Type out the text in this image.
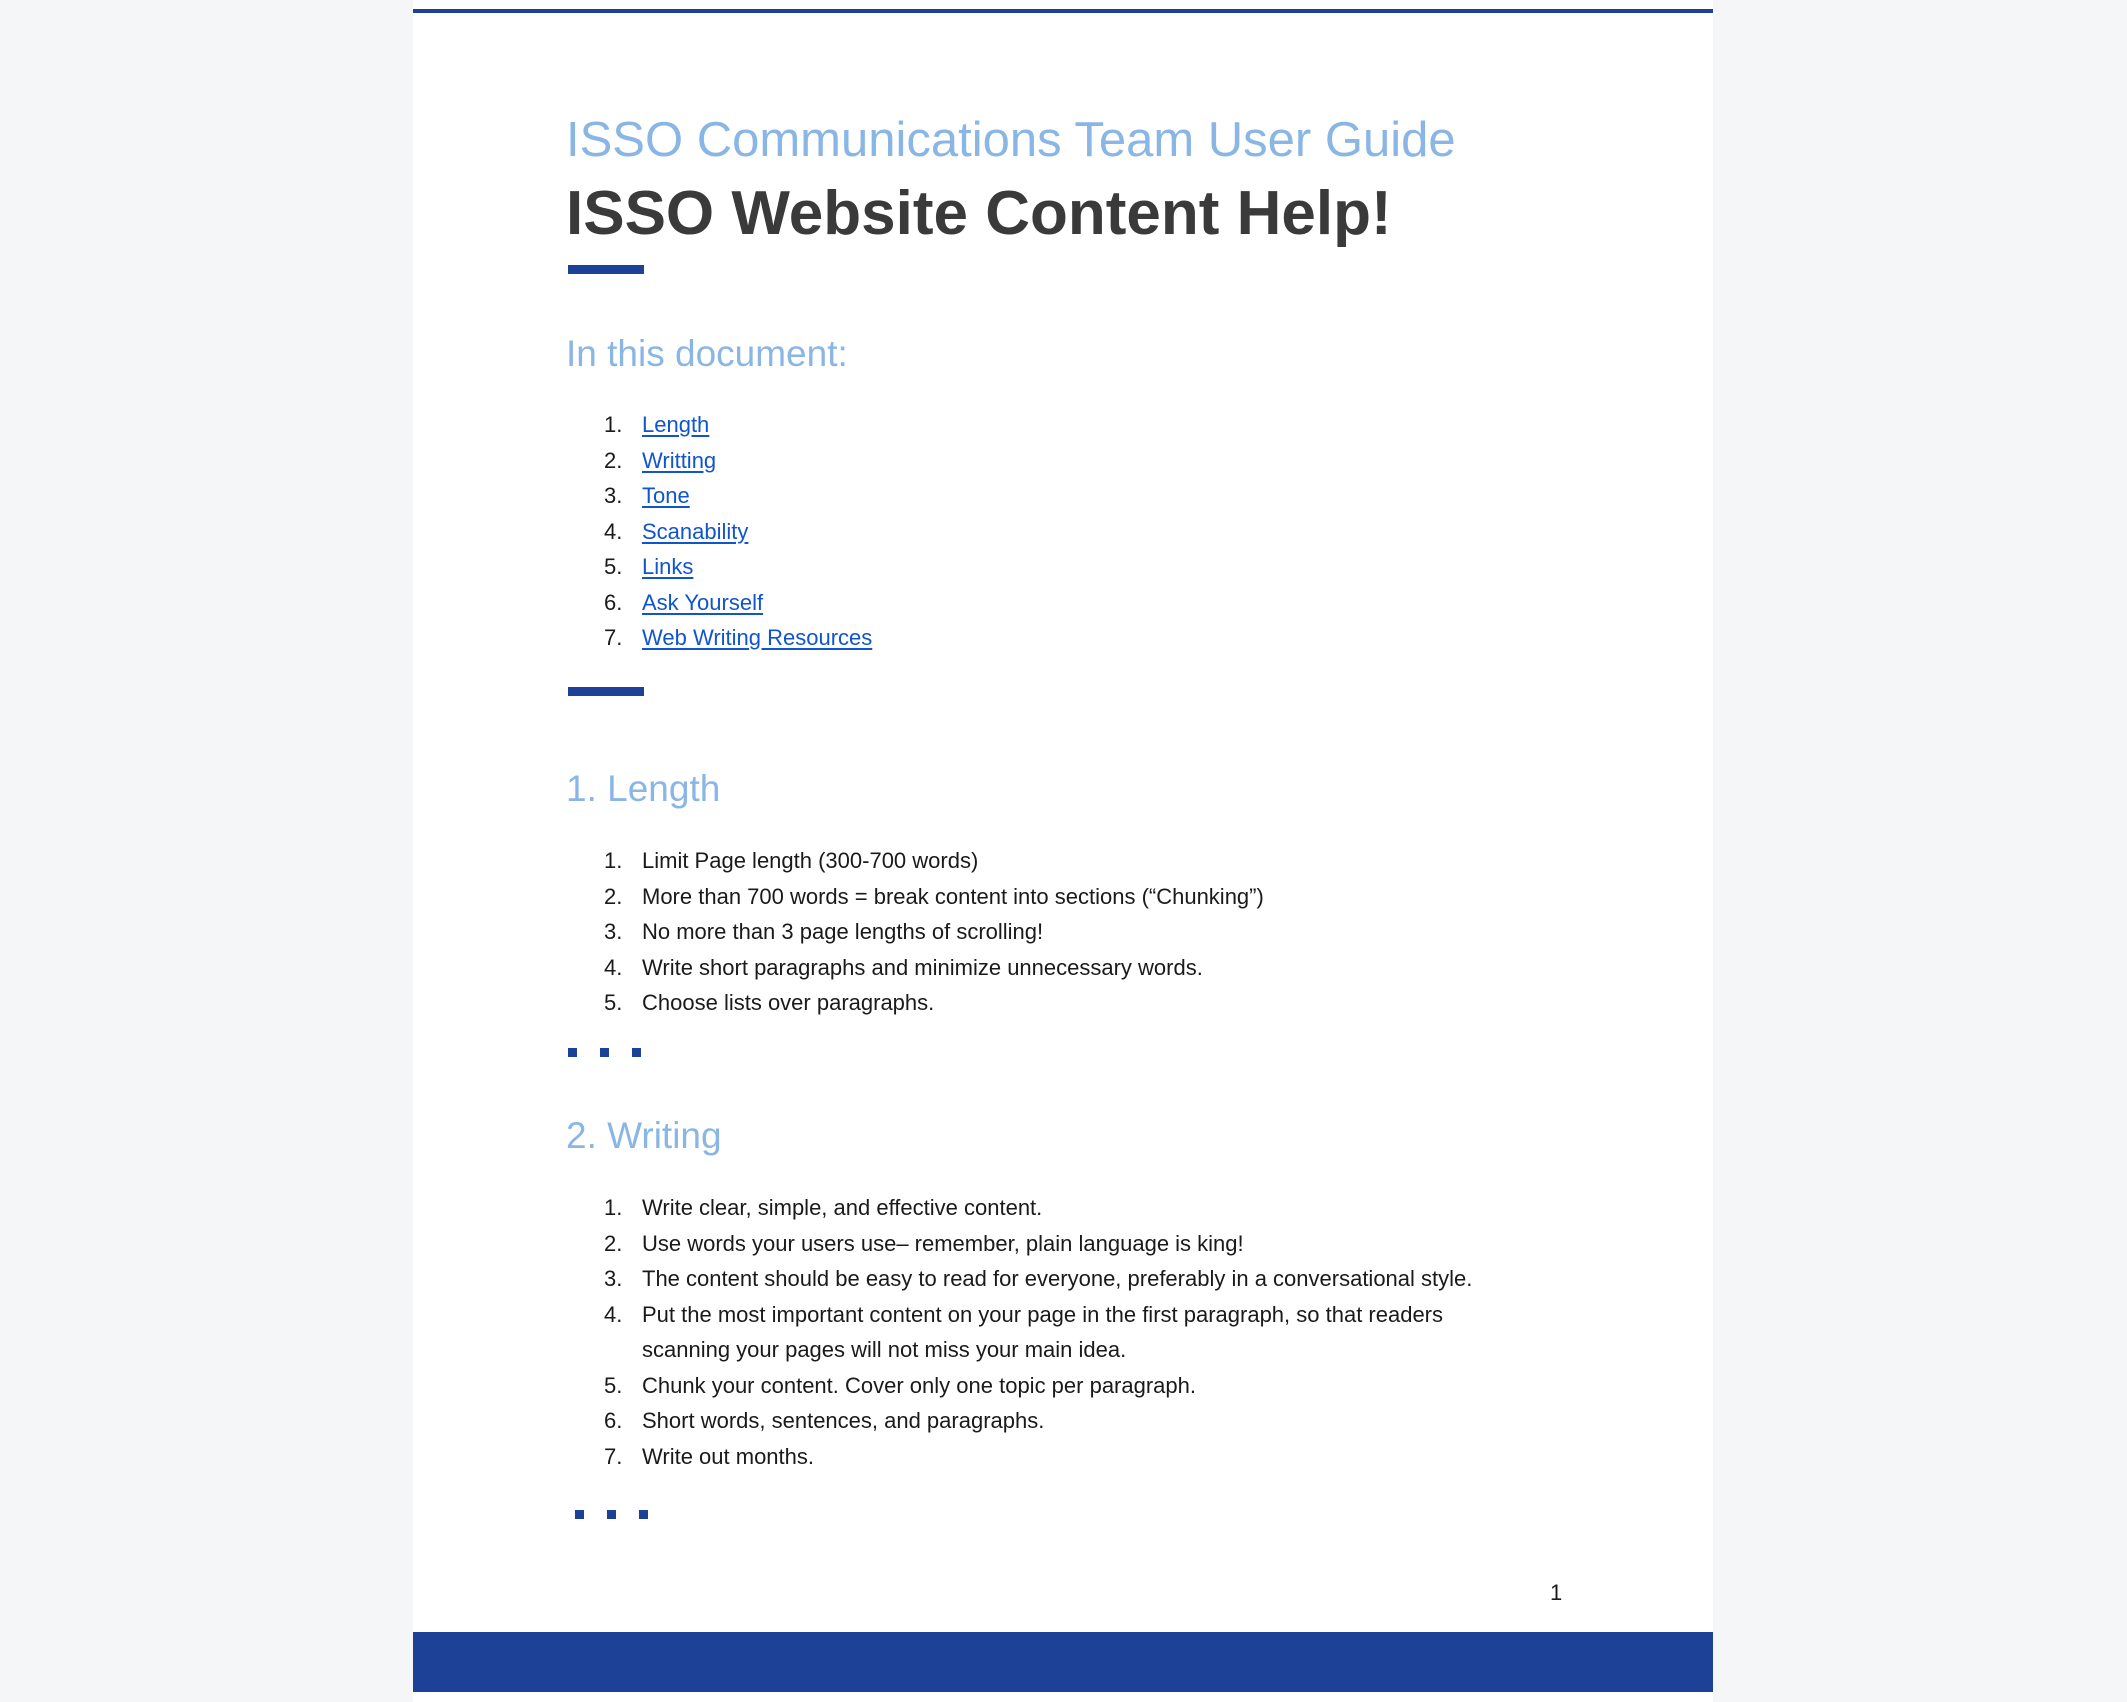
ISSO Communications Team User Guide
ISSO Website Content Help!
In this document:
1. Length
2. Writting
3. Tone
4. Scanability
5. Links
6. Ask Yourself
7. Web Writing Resources
1. Length
1. Limit Page length (300-700 words)
2. More than 700 words = break content into sections (“Chunking”)
3. No more than 3 page lengths of scrolling!
4. Write short paragraphs and minimize unnecessary words.
5. Choose lists over paragraphs.
2. Writing
1. Write clear, simple, and effective content.
2. Use words your users use– remember, plain language is king!
3. The content should be easy to read for everyone, preferably in a conversational style.
4. Put the most important content on your page in the first paragraph, so that readers scanning your pages will not miss your main idea.
5. Chunk your content. Cover only one topic per paragraph.
6. Short words, sentences, and paragraphs.
7. Write out months.
1
